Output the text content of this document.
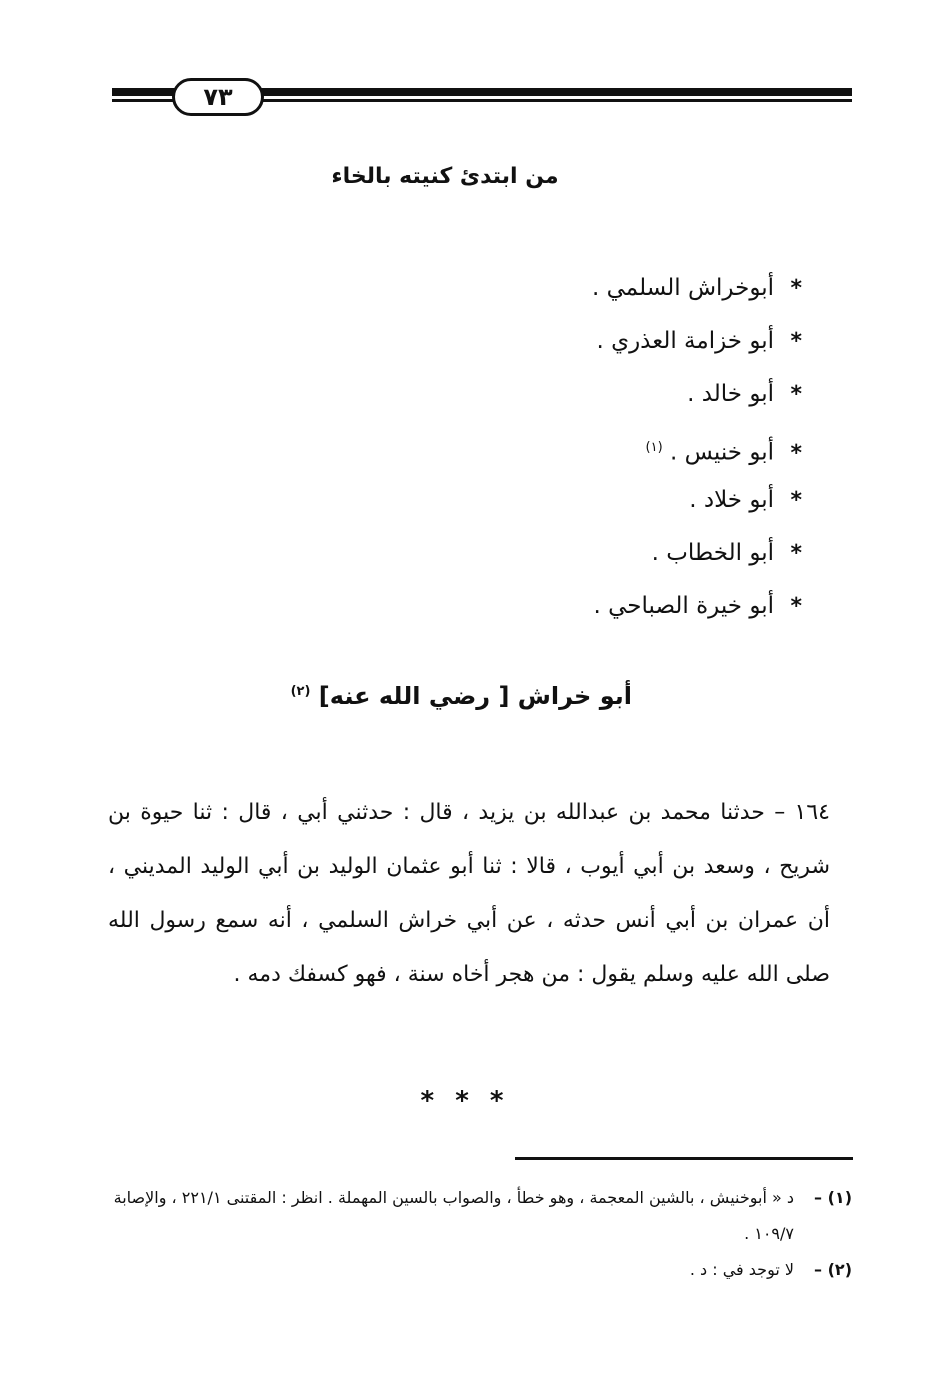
٧٣
من ابتدئ كنيته بالخاء
*أبوخراش السلمي .
*أبو خزامة العذري .
*أبو خالد .
*أبو خنيس . $^{(١)}$
*أبو خلاد .
*أبو الخطاب .
*أبو خيرة الصباحي .
أبو خراش [ رضي الله عنه] $^{(٢)}$

١٦٤ – حدثنا محمد بن عبدالله بن يزيد ، قال : حدثني أبي ، قال : ثنا حيوة بن شريح ، وسعد بن أبي أيوب ، قالا : ثنا أبو عثمان الوليد بن أبي الوليد المديني ، أن عمران بن أبي أنس حدثه ، عن أبي خراش السلمي ، أنه سمع رسول الله صلى الله عليه وسلم يقول : من هجر أخاه سنة ، فهو كسفك دمه .

* * *
(١) –
د « أبوخنيش ، بالشين المعجمة ، وهو خطأ ، والصواب بالسين المهملة . انظر : المقتنى ٢٢١/١ ، والإصابة ١٠٩/٧ .
(٢) –
لا توجد في : د .
